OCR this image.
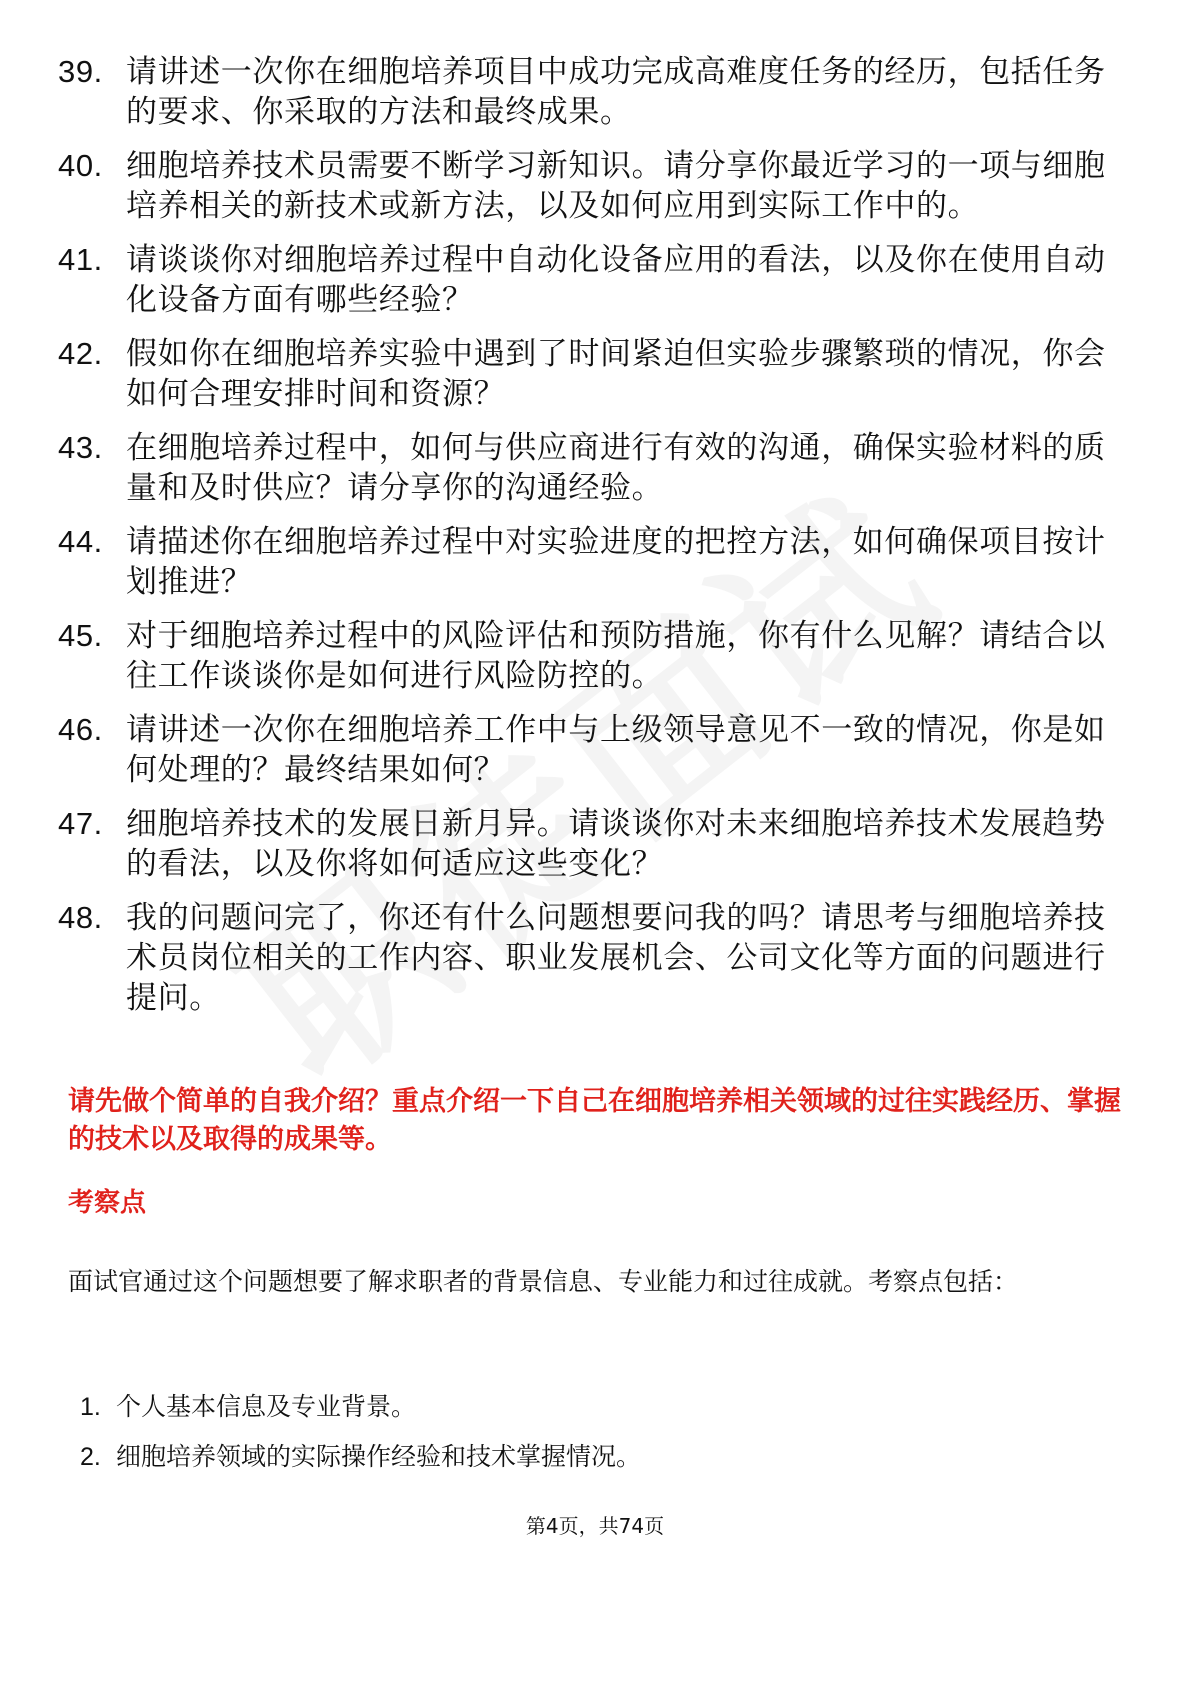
39. 请讲述一次你在细胞培养项目中成功完成高难度任务的经历，包括任务的要求、你采取的方法和最终成果。
40. 细胞培养技术员需要不断学习新知识。请分享你最近学习的一项与细胞培养相关的新技术或新方法，以及如何应用到实际工作中的。
41. 请谈谈你对细胞培养过程中自动化设备应用的看法，以及你在使用自动化设备方面有哪些经验？
42. 假如你在细胞培养实验中遇到了时间紧迫但实验步骤繁琐的情况，你会如何合理安排时间和资源？
43. 在细胞培养过程中，如何与供应商进行有效的沟通，确保实验材料的质量和及时供应？请分享你的沟通经验。
44. 请描述你在细胞培养过程中对实验进度的把控方法，如何确保项目按计划推进？
45. 对于细胞培养过程中的风险评估和预防措施，你有什么见解？请结合以往工作谈谈你是如何进行风险防控的。
46. 请讲述一次你在细胞培养工作中与上级领导意见不一致的情况，你是如何处理的？最终结果如何？
47. 细胞培养技术的发展日新月异。请谈谈你对未来细胞培养技术发展趋势的看法，以及你将如何适应这些变化？
48. 我的问题问完了，你还有什么问题想要问我的吗？请思考与细胞培养技术员岗位相关的工作内容、职业发展机会、公司文化等方面的问题进行提问。

请先做个简单的自我介绍？重点介绍一下自己在细胞培养相关领域的过往实践经历、掌握的技术以及取得的成果等。

考察点

面试官通过这个问题想要了解求职者的背景信息、专业能力和过往成就。考察点包括：

1. 个人基本信息及专业背景。
2. 细胞培养领域的实际操作经验和技术掌握情况。
第4页，共74页
